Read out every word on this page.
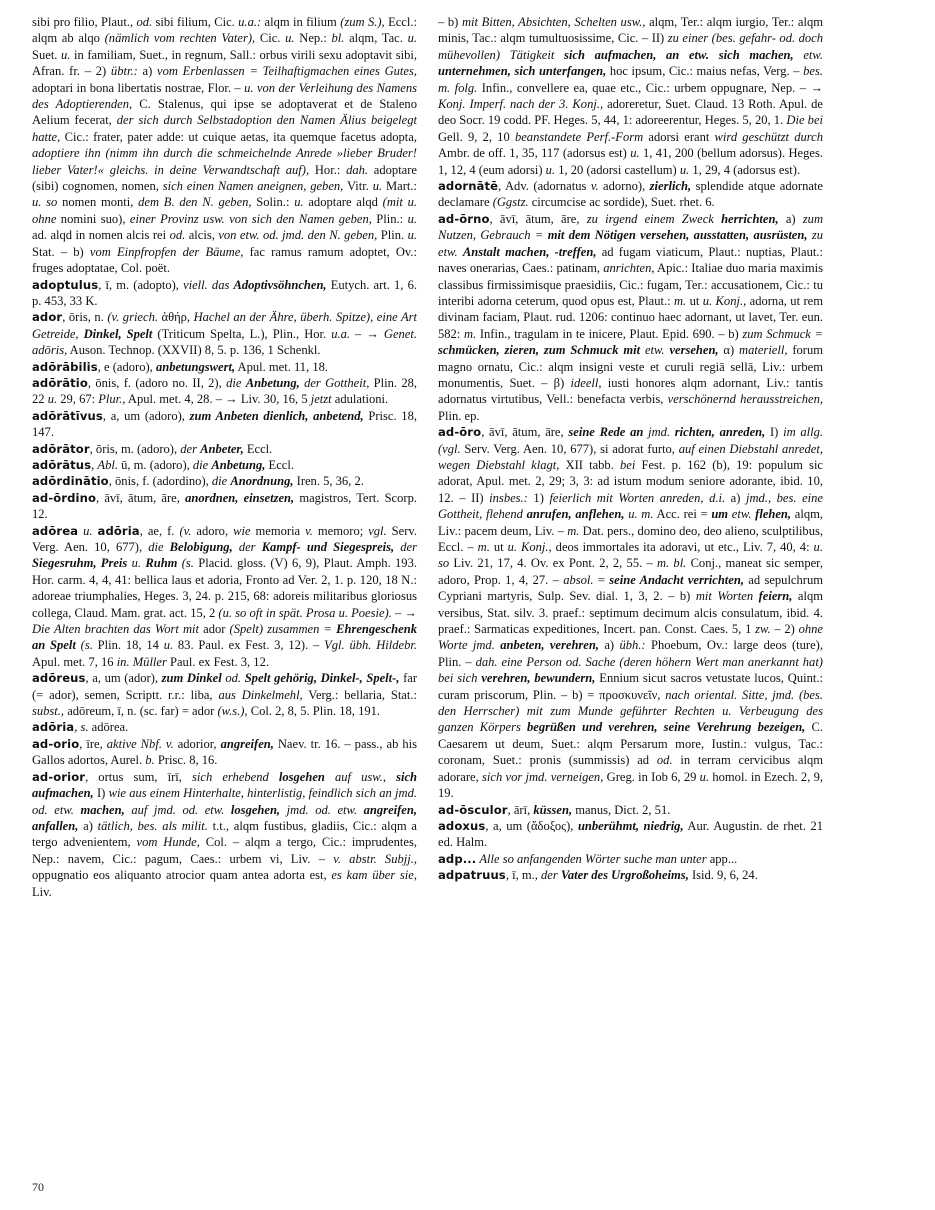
sibi pro filio, Plaut., od. sibi filium, Cic. u.a.: alqm in filium (zum S.), Eccl.: alqm ab alqo (nämlich vom rechten Vater), Cic. u. Nep.: bl. alqm, Tac. u. Suet. u. in familiam, Suet., in regnum, Sall.: orbus virili sexu adoptavit sibi, Afran. fr. – 2) übtr.: a) vom Erbenlassen = Teilhaftigmachen eines Gutes, adoptari in bona libertatis nostrae, Flor. – u. von der Verleihung des Namens des Adoptierenden, C. Stalenus, qui ipse se adoptaverat et de Staleno Aelium fecerat, der sich durch Selbstadoption den Namen Älius beigelegt hatte, Cic.: frater, pater adde: ut cuique aetas, ita quemque facetus adopta, adoptiere ihn (nimm ihn durch die schmeichelnde Anrede »lieber Bruder! lieber Vater!« gleichs. in deine Verwandtschaft auf), Hor.: dah. adoptare (sibi) cognomen, nomen, sich einen Namen aneignen, geben, Vitr. u. Mart.: u. so nomen monti, dem B. den N. geben, Solin.: u. adoptare alqd (mit u. ohne nomini suo), einer Provinz usw. von sich den Namen geben, Plin.: u. ad. alqd in nomen alcis rei od. alcis, von etw. od. jmd. den N. geben, Plin. u. Stat. – b) vom Einpfropfen der Bäume, fac ramus ramum adoptet, Ov.: fruges adoptatae, Col. poët.

adoptulus, ī, m. (adopto), viell. das Adoptivsöhnchen, Eutych. art. 1, 6. p. 453, 33 K.

ador, ōris, n. (v. griech. ἀθήρ, Hachel an der Ähre, überh. Spitze), eine Art Getreide, Dinkel, Spelt (Triticum Spelta, L.), Plin., Hor. u.a. – → Genet. adōris, Auson. Technop. (XXVII) 8, 5. p. 136, 1 Schenkl.

adōrābilis, e (adoro), anbetungswert, Apul. met. 11, 18.

adōrātio, ōnis, f. (adoro no. II, 2), die Anbetung, der Gottheit, Plin. 28, 22 u. 29, 67: Plur., Apul. met. 4, 28. – → Liv. 30, 16, 5 jetzt adulationi.

adōrātīvus, a, um (adoro), zum Anbeten dienlich, anbetend, Prisc. 18, 147.

adōrātor, ōris, m. (adoro), der Anbeter, Eccl.

adōrātus, Abl. ū, m. (adoro), die Anbetung, Eccl.

adōrdinātio, ōnis, f. (adordino), die Anordnung, Iren. 5, 36, 2.

ad-ōrdino, āvī, ātum, āre, anordnen, einsetzen, magistros, Tert. Scorp. 12.

adōrea u. adōria, ae, f. (v. adoro, wie memoria v. memoro; vgl. Serv. Verg. Aen. 10, 677), die Belobigung, der Kampf- und Siegespreis, der Siegesruhm, Preis u. Ruhm (s. Placid. gloss. (V) 6, 9), Plaut. Amph. 193. Hor. carm. 4, 4, 41: bellica laus et adoria, Fronto ad Ver. 2, 1. p. 120, 18 N.: adoreae triumphalies, Heges. 3, 24. p. 215, 68: adoreis militaribus gloriosus collega, Claud. Mam. grat. act. 15, 2 (u. so oft in spät. Prosa u. Poesie). – → Die Alten brachten das Wort mit ador (Spelt) zusammen = Ehrengeschenk an Spelt (s. Plin. 18, 14 u. 83. Paul. ex Fest. 3, 12). – Vgl. übh. Hildebr. Apul. met. 7, 16 in. Müller Paul. ex Fest. 3, 12.

adōreus, a, um (ador), zum Dinkel od. Spelt gehörig, Dinkel-, Spelt-, far (= ador), semen, Scriptt. r.r.: liba, aus Dinkelmehl, Verg.: bellaria, Stat.: subst., adōreum, ī, n. (sc. far) = ador (w.s.), Col. 2, 8, 5. Plin. 18, 191.

adōria, s. adōrea.

ad-orio, īre, aktive Nbf. v. adorior, angreifen, Naev. tr. 16. – pass., ab his Gallos adortos, Aurel. b. Prisc. 8, 16.

ad-orior, ortus sum, īrī, sich erhebend losgehen auf usw., sich aufmachen, I) wie aus einem Hinterhalte, hinterlistig, feindlich sich an jmd. od. etw. machen, auf jmd. od. etw. losgehen, jmd. od. etw. angreifen, anfallen, a) tätlich, bes. als milit. t.t., alqm fustibus, gladiis, Cic.: alqm a tergo advenientem, vom Hunde, Col. – alqm a tergo, Cic.: imprudentes, Nep.: navem, Cic.: pagum, Caes.: urbem vi, Liv. – v. abstr. Subjj., oppugnatio eos aliquanto atrocior quam antea adorta est, es kam über sie, Liv.

– b) mit Bitten, Absichten, Schelten usw., alqm, Ter.: alqm iurgio, Ter.: alqm minis, Tac.: alqm tumultuosissime, Cic. – II) zu einer (bes. gefahr- od. doch mühevollen) Tätigkeit sich aufmachen, an etw. sich machen, etw. unternehmen, sich unterfangen, hoc ipsum, Cic.: maius nefas, Verg. – bes. m. folg. Infin., convellere ea, quae etc., Cic.: urbem oppugnare, Nep. – → Konj. Imperf. nach der 3. Konj., adoreretur, Suet. Claud. 13 Roth. Apul. de deo Socr. 19 codd. PF. Heges. 5, 44, 1: adoreerentur, Heges. 5, 20, 1. Die bei Gell. 9, 2, 10 beanstandete Perf.-Form adorsi erant wird geschützt durch Ambr. de off. 1, 35, 117 (adorsus est) u. 1, 41, 200 (bellum adorsus). Heges. 1, 12, 4 (eum adorsi) u. 1, 20 (adorsi castellum) u. 1, 29, 4 (adorsus est).

adornātē, Adv. (adornatus v. adorno), zierlich, splendide atque adornate declamare (Ggstz. circumcise ac sordide), Suet. rhet. 6.

ad-ōrno, āvī, ātum, āre, zu irgend einem Zweck herrichten, a) zum Nutzen, Gebrauch = mit dem Nötigen versehen, ausstatten, ausrüsten, zu etw. Anstalt machen, -treffen, ad fugam viaticum, Plaut.: nuptias, Plaut.: naves onerarias, Caes.: patinam, anrichten, Apic.: Italiae duo maria maximis classibus firmissimisque praesidiis, Cic.: fugam, Ter.: accusationem, Cic.: tu interibi adorna ceterum, quod opus est, Plaut.: m. ut u. Konj., adorna, ut rem divinam faciam, Plaut. rud. 1206: continuo haec adornant, ut lavet, Ter. eun. 582: m. Infin., tragulam in te inicere, Plaut. Epid. 690. – b) zum Schmuck = schmücken, zieren, zum Schmuck mit etw. versehen, α) materiell, forum magno ornatu, Cic.: alqm insigni veste et curuli regiā sellā, Liv.: urbem monumentis, Suet. – β) ideell, iusti honores alqm adornant, Liv.: tantis adornatus virtutibus, Vell.: benefacta verbis, verschönernd herausstreichen, Plin. ep.

ad-ōro, āvī, ātum, āre, seine Rede an jmd. richten, anreden, I) im allg. (vgl. Serv. Verg. Aen. 10, 677), si adorat furto, auf einen Diebstahl anredet, wegen Diebstahl klagt, XII tabb. bei Fest. p. 162 (b), 19: populum sic adorat, Apul. met. 2, 29; 3, 3: ad istum modum seniore adorante, ibid. 10, 12. – II) insbes.: 1) feierlich mit Worten anreden, d.i. a) jmd., bes. eine Gottheit, flehend anrufen, anflehen, u. m. Acc. rei = um etw. flehen, alqm, Liv.: pacem deum, Liv. – m. Dat. pers., domino deo, deo alieno, sculptilibus, Eccl. – m. ut u. Konj., deos immortales ita adoravi, ut etc., Liv. 7, 40, 4: u. so Liv. 21, 17, 4. Ov. ex Pont. 2, 2, 55. – m. bl. Conj., maneat sic semper, adoro, Prop. 1, 4, 27. – absol. = seine Andacht verrichten, ad sepulchrum Cypriani martyris, Sulp. Sev. dial. 1, 3, 2. – b) mit Worten feiern, alqm versibus, Stat. silv. 3. praef.: septimum decimum alcis consulatum, ibid. 4. praef.: Sarmaticas expeditiones, Incert. pan. Const. Caes. 5, 1 zw. – 2) ohne Worte jmd. anbeten, verehren, a) übh.: Phoebum, Ov.: large deos (ture), Plin. – dah. eine Person od. Sache (deren höhern Wert man anerkannt hat) bei sich verehren, bewundern, Ennium sicut sacros vetustate lucos, Quint.: curam priscorum, Plin. – b) = προσκυνεῖν, nach oriental. Sitte, jmd. (bes. den Herrscher) mit zum Munde geführter Rechten u. Verbeugung des ganzen Körpers begrüßen und verehren, seine Verehrung bezeigen, C. Caesarem ut deum, Suet.: alqm Persarum more, Iustin.: vulgus, Tac.: coronam, Suet.: pronis (summissis) ad od. in terram cervicibus alqm adorare, sich vor jmd. verneigen, Greg. in Iob 6, 29 u. homol. in Ezech. 2, 9, 19.

ad-ōsculor, ārī, küssen, manus, Dict. 2, 51.

adoxus, a, um (ἄδοξος), unberühmt, niedrig, Aur. Augustin. de rhet. 21 ed. Halm.

adp... Alle so anfangenden Wörter suche man unter app...

adpatruus, ī, m., der Vater des Urgroßoheims, Isid. 9, 6, 24.

70
